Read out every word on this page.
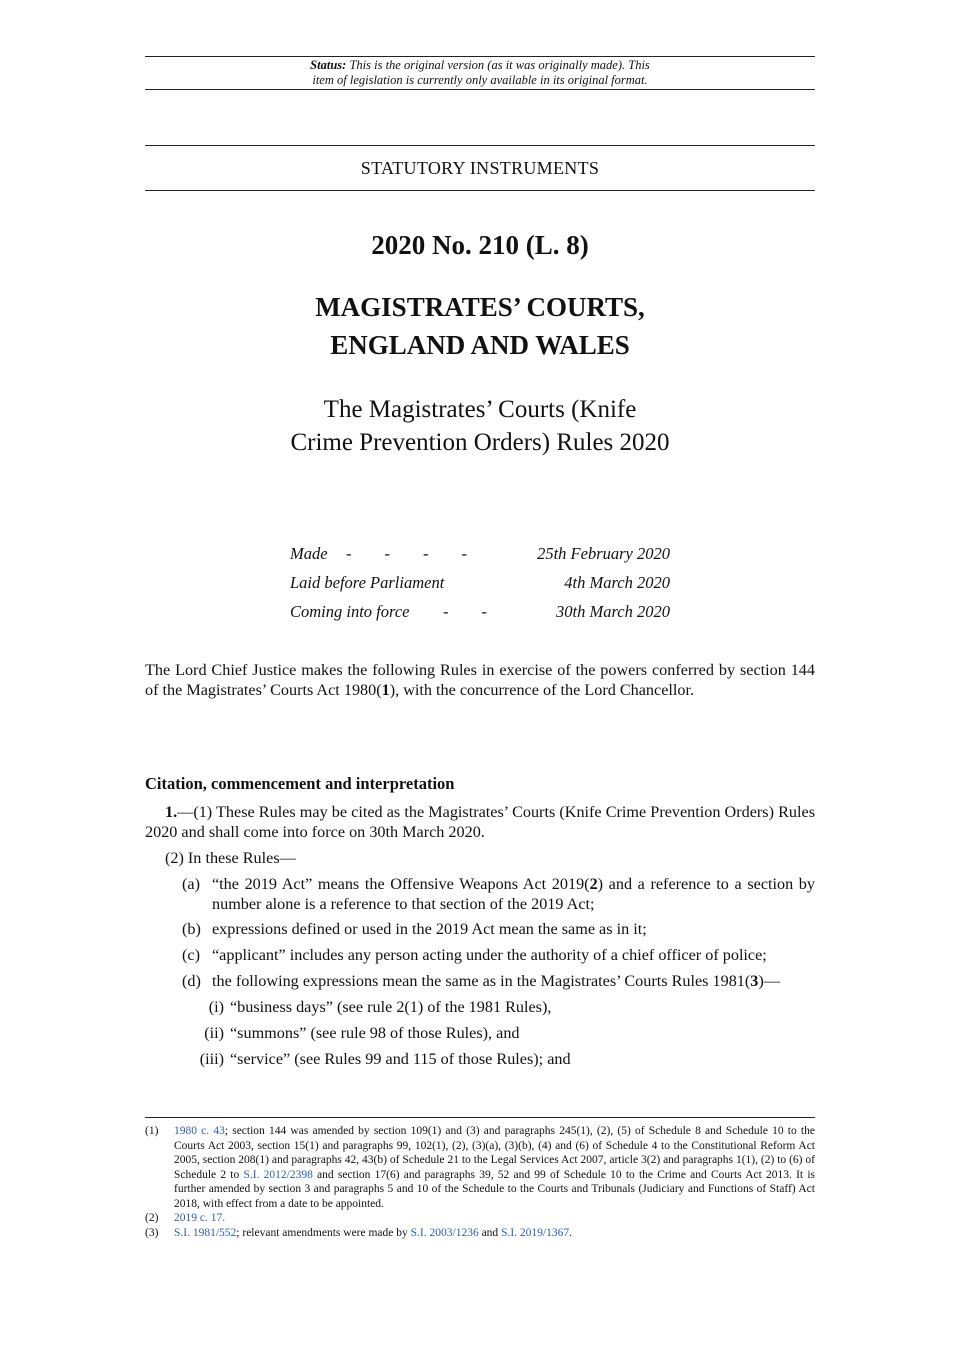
Status: This is the original version (as it was originally made). This
item of legislation is currently only available in its original format.
STATUTORY INSTRUMENTS
2020 No. 210 (L. 8)
MAGISTRATES’ COURTS,
ENGLAND AND WALES
The Magistrates’ Courts (Knife
Crime Prevention Orders) Rules 2020
Made -        -        -        -	25th February 2020
Laid before Parliament	4th March 2020
Coming into force -        -	30th March 2020
The Lord Chief Justice makes the following Rules in exercise of the powers conferred by section 144 of the Magistrates’ Courts Act 1980(1), with the concurrence of the Lord Chancellor.
Citation, commencement and interpretation
1.—(1) These Rules may be cited as the Magistrates’ Courts (Knife Crime Prevention Orders) Rules 2020 and shall come into force on 30th March 2020.
(2) In these Rules—
(a) “the 2019 Act” means the Offensive Weapons Act 2019(2) and a reference to a section by number alone is a reference to that section of the 2019 Act;
(b) expressions defined or used in the 2019 Act mean the same as in it;
(c) “applicant” includes any person acting under the authority of a chief officer of police;
(d) the following expressions mean the same as in the Magistrates’ Courts Rules 1981(3)—
(i) “business days” (see rule 2(1) of the 1981 Rules),
(ii) “summons” (see rule 98 of those Rules), and
(iii) “service” (see Rules 99 and 115 of those Rules); and
(1) 1980 c. 43; section 144 was amended by section 109(1) and (3) and paragraphs 245(1), (2), (5) of Schedule 8 and Schedule 10 to the Courts Act 2003, section 15(1) and paragraphs 99, 102(1), (2), (3)(a), (3)(b), (4) and (6) of Schedule 4 to the Constitutional Reform Act 2005, section 208(1) and paragraphs 42, 43(b) of Schedule 21 to the Legal Services Act 2007, article 3(2) and paragraphs 1(1), (2) to (6) of Schedule 2 to S.I. 2012/2398 and section 17(6) and paragraphs 39, 52 and 99 of Schedule 10 to the Crime and Courts Act 2013. It is further amended by section 3 and paragraphs 5 and 10 of the Schedule to the Courts and Tribunals (Judiciary and Functions of Staff) Act 2018, with effect from a date to be appointed.
(2) 2019 c. 17.
(3) S.I. 1981/552; relevant amendments were made by S.I. 2003/1236 and S.I. 2019/1367.
